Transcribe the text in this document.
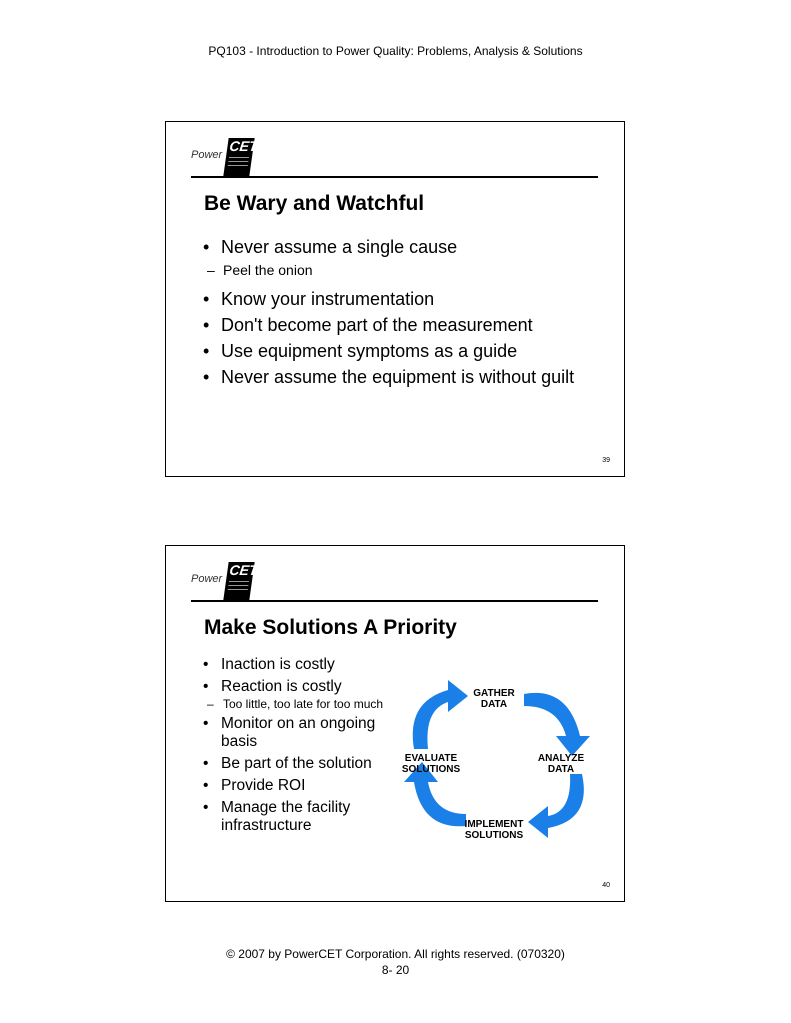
PQ103 - Introduction to Power Quality: Problems, Analysis & Solutions
Power
CET
Be Wary and Watchful
• Never assume a single cause
– Peel the onion
• Know your instrumentation
• Don't become part of the measurement
• Use equipment symptoms as a guide
• Never assume the equipment is without guilt
39
Power
CET
Make Solutions A Priority
• Inaction is costly
• Reaction is costly
– Too little, too late for too much
• Monitor on an ongoing basis
• Be part of the solution
• Provide ROI
• Manage the facility infrastructure
GATHER
DATA
ANALYZE
DATA
IMPLEMENT
SOLUTIONS
EVALUATE
SOLUTIONS
40
© 2007 by PowerCET Corporation. All rights reserved. (070320)
8- 20
